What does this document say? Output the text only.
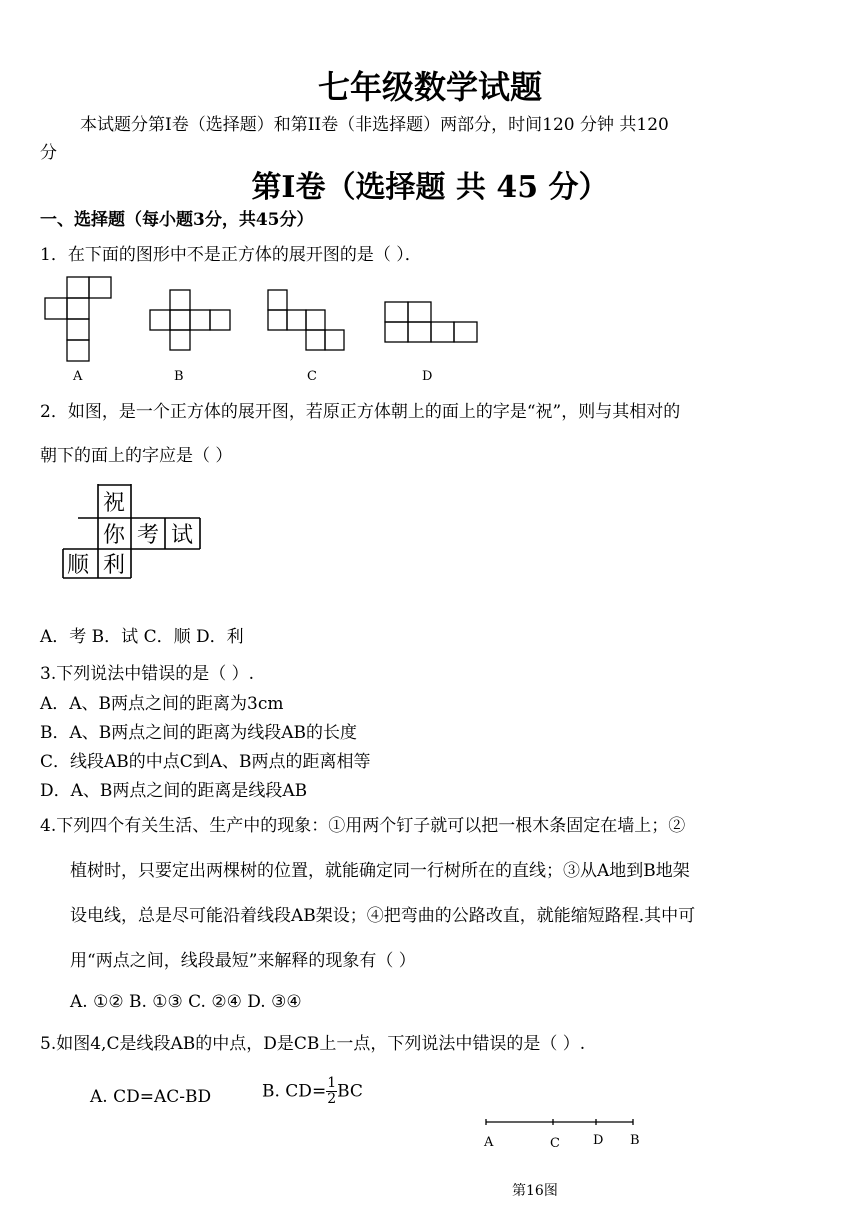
七年级数学试题
本试题分第Ⅰ卷（选择题）和第II卷（非选择题）两部分，时间120 分钟 共120
分
第Ⅰ卷（选择题 共 45 分）
一、选择题（每小题3分，共45分）
1．在下面的图形中不是正方体的展开图的是（ ）．
A	B	C	D
2．如图，是一个正方体的展开图，若原正方体朝上的面上的字是“祝”，则与其相对的
朝下的面上的字应是（ ）
祝
你 考 试
顺 利
A．考 B．试 C．顺 D．利
3.下列说法中错误的是（ ）.
A．A、B两点之间的距离为3cm
B．A、B两点之间的距离为线段AB的长度
C．线段AB的中点C到A、B两点的距离相等
D．A、B两点之间的距离是线段AB
4.下列四个有关生活、生产中的现象：①用两个钉子就可以把一根木条固定在墙上；②
植树时，只要定出两棵树的位置，就能确定同一行树所在的直线；③从A地到B地架
设电线，总是尽可能沿着线段AB架设；④把弯曲的公路改直，就能缩短路程.其中可
用“两点之间，线段最短”来解释的现象有（ ）
A. ①② B. ①③ C. ②④ D. ③④
5.如图4,C是线段AB的中点，D是CB上一点，下列说法中错误的是（ ）.
A. CD=AC-BD	B. $CD= \frac{1}{2}$ BC
A	C	D B
第16图
